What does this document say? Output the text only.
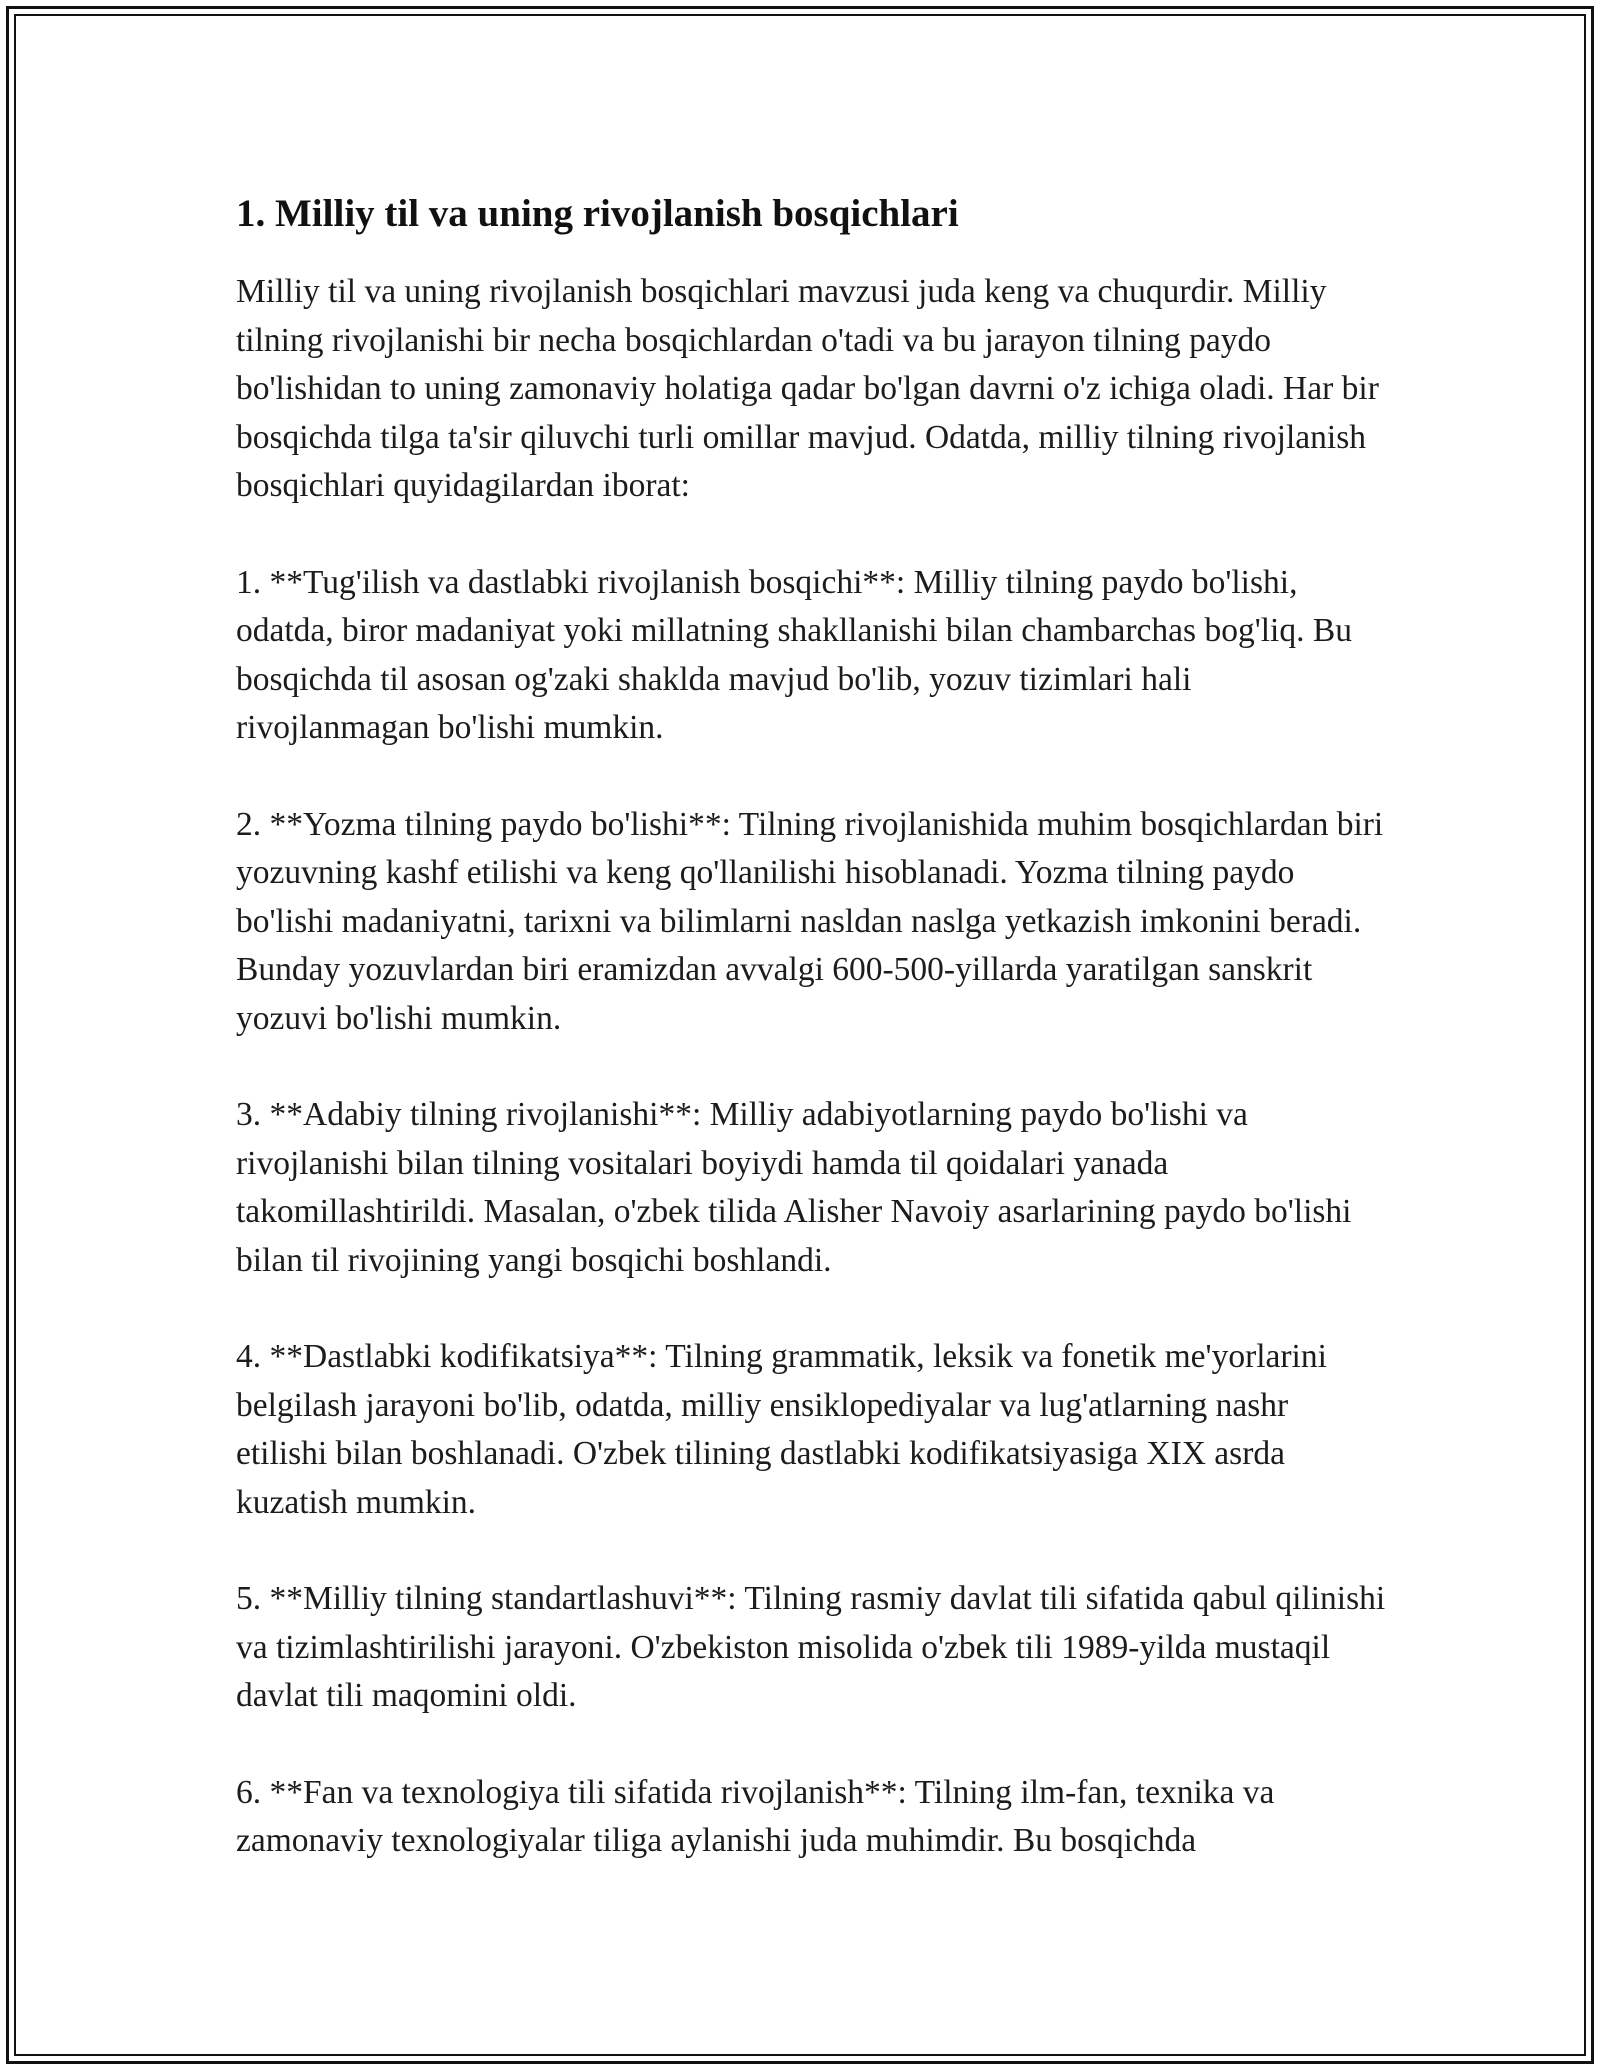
1. Milliy til va uning rivojlanish bosqichlari

Milliy til va uning rivojlanish bosqichlari mavzusi juda keng va chuqurdir. Milliy tilning rivojlanishi bir necha bosqichlardan o'tadi va bu jarayon tilning paydo bo'lishidan to uning zamonaviy holatiga qadar bo'lgan davrni o'z ichiga oladi. Har bir bosqichda tilga ta'sir qiluvchi turli omillar mavjud. Odatda, milliy tilning rivojlanish bosqichlari quyidagilardan iborat:

1. **Tug'ilish va dastlabki rivojlanish bosqichi**: Milliy tilning paydo bo'lishi, odatda, biror madaniyat yoki millatning shakllanishi bilan chambarchas bog'liq. Bu bosqichda til asosan og'zaki shaklda mavjud bo'lib, yozuv tizimlari hali rivojlanmagan bo'lishi mumkin.

2. **Yozma tilning paydo bo'lishi**: Tilning rivojlanishida muhim bosqichlardan biri yozuvning kashf etilishi va keng qo'llanilishi hisoblanadi. Yozma tilning paydo bo'lishi madaniyatni, tarixni va bilimlarni nasldan naslga yetkazish imkonini beradi. Bunday yozuvlardan biri eramizdan avvalgi 600-500-yillarda yaratilgan sanskrit yozuvi bo'lishi mumkin.

3. **Adabiy tilning rivojlanishi**: Milliy adabiyotlarning paydo bo'lishi va rivojlanishi bilan tilning vositalari boyiydi hamda til qoidalari yanada takomillashtirildi. Masalan, o'zbek tilida Alisher Navoiy asarlarining paydo bo'lishi bilan til rivojining yangi bosqichi boshlandi.

4. **Dastlabki kodifikatsiya**: Tilning grammatik, leksik va fonetik me'yorlarini belgilash jarayoni bo'lib, odatda, milliy ensiklopediyalar va lug'atlarning nashr etilishi bilan boshlanadi. O'zbek tilining dastlabki kodifikatsiyasiga XIX asrda kuzatish mumkin.

5. **Milliy tilning standartlashuvi**: Tilning rasmiy davlat tili sifatida qabul qilinishi va tizimlashtirilishi jarayoni. O'zbekiston misolida o'zbek tili 1989-yilda mustaqil davlat tili maqomini oldi.

6. **Fan va texnologiya tili sifatida rivojlanish**: Tilning ilm-fan, texnika va zamonaviy texnologiyalar tiliga aylanishi juda muhimdir. Bu bosqichda
